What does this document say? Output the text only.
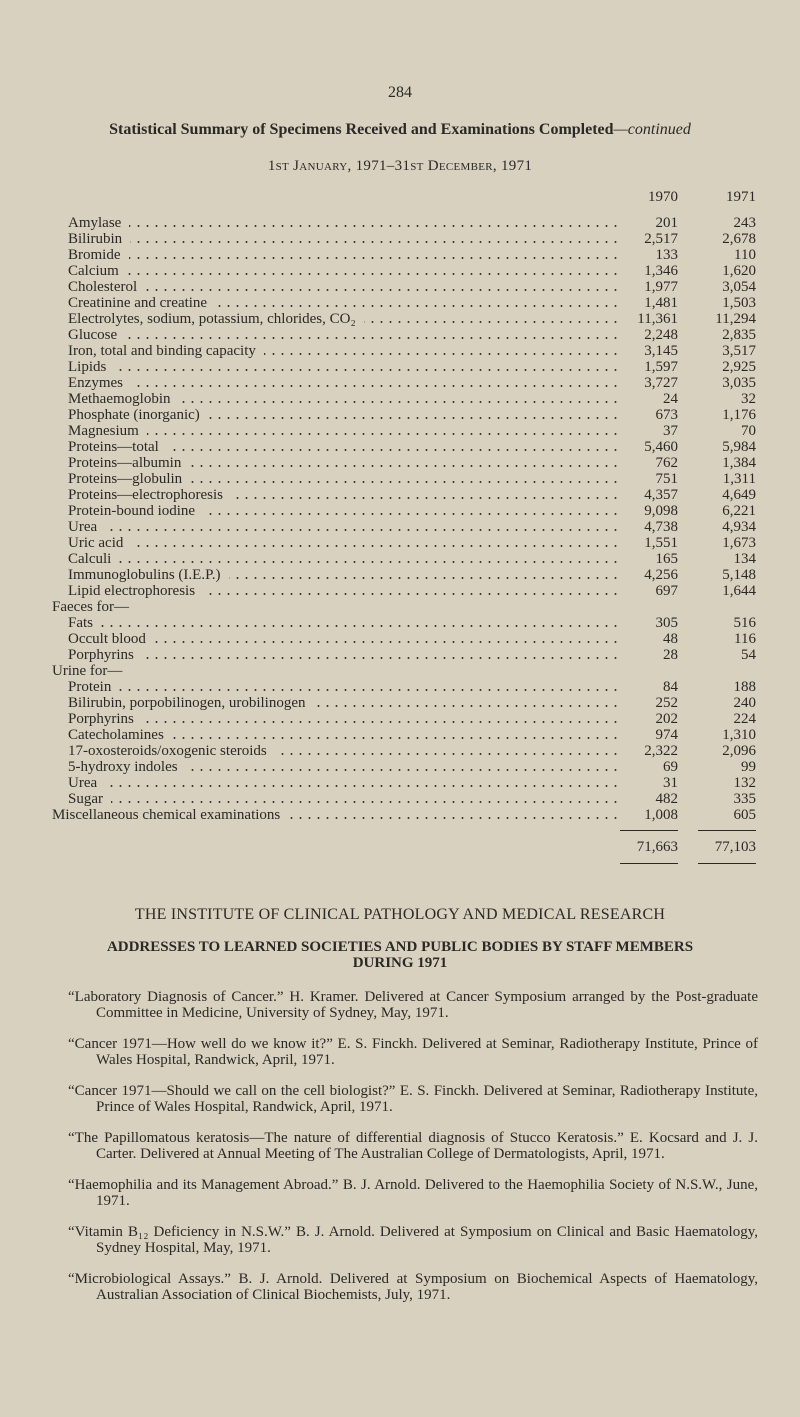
284
Statistical Summary of Specimens Received and Examinations Completed—continued
1st January, 1971–31st December, 1971
1970	1971
Amylase	201	243
Bilirubin	2,517	2,678
Bromide	133	110
Calcium	1,346	1,620
Cholesterol	1,977	3,054
Creatinine and creatine	1,481	1,503
Electrolytes, sodium, potassium, chlorides, CO₂	11,361 11,294
Glucose	2,248	2,835
Iron, total and binding capacity	3,145	3,517
Lipids	1,597	2,925
Enzymes	3,727	3,035
Methaemoglobin	24	32
Phosphate (inorganic)	673	1,176
Magnesium	37	70
Proteins—total	5,460	5,984
Proteins—albumin	762	1,384
Proteins—globulin	751	1,311
Proteins—electrophoresis	4,357	4,649
Protein-bound iodine	9,098	6,221
Urea	4,738	4,934
Uric acid	1,551	1,673
Calculi	165	134
Immunoglobulins (I.E.P.)	4,256	5,148
Lipid electrophoresis	697	1,644
Faeces for—
Fats	305	516
Occult blood	48	116
Porphyrins	28	54
Urine for—
Protein	84	188
Bilirubin, porpobilinogen, urobilinogen	252	240
Porphyrins	202	224
Catecholamines	974	1,310
17-oxosteroids/oxogenic steroids	2,322	2,096
5-hydroxy indoles	69	99
Urea	31	132
Sugar	482	335
Miscellaneous chemical examinations	1,008	605
71,663 77,103
THE INSTITUTE OF CLINICAL PATHOLOGY AND MEDICAL RESEARCH
ADDRESSES TO LEARNED SOCIETIES AND PUBLIC BODIES BY STAFF MEMBERS
DURING 1971
“Laboratory Diagnosis of Cancer.” H. Kramer. Delivered at Cancer Symposium arranged by the Post-graduate Committee in Medicine, University of Sydney, May, 1971.
“Cancer 1971—How well do we know it?” E. S. Finckh. Delivered at Seminar, Radiotherapy Institute, Prince of Wales Hospital, Randwick, April, 1971.
“Cancer 1971—Should we call on the cell biologist?” E. S. Finckh. Delivered at Seminar, Radiotherapy Institute, Prince of Wales Hospital, Randwick, April, 1971.
“The Papillomatous keratosis—The nature of differential diagnosis of Stucco Keratosis.” E. Kocsard and J. J. Carter. Delivered at Annual Meeting of The Australian College of Dermatologists, April, 1971.
“Haemophilia and its Management Abroad.” B. J. Arnold. Delivered to the Haemophilia Society of N.S.W., June, 1971.
“Vitamin B₁₂ Deficiency in N.S.W.” B. J. Arnold. Delivered at Symposium on Clinical and Basic Haematology, Sydney Hospital, May, 1971.
“Microbiological Assays.” B. J. Arnold. Delivered at Symposium on Biochemical Aspects of Haematology, Australian Association of Clinical Biochemists, July, 1971.
